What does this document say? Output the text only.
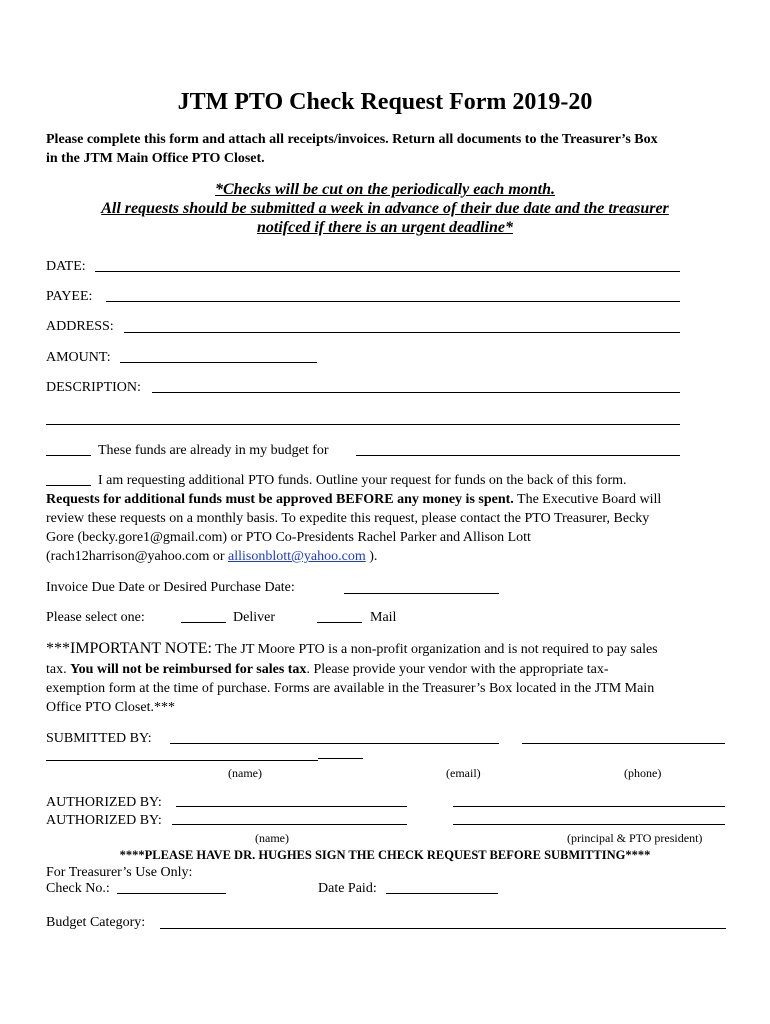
JTM PTO Check Request Form 2019-20
Please complete this form and attach all receipts/invoices. Return all documents to the Treasurer’s Box
in the JTM Main Office PTO Closet.
*Checks will be cut on the periodically each month.
All requests should be submitted a week in advance of their due date and the treasurer
notifced if there is an urgent deadline*
DATE:
PAYEE:
ADDRESS:
AMOUNT:
DESCRIPTION:
These funds are already in my budget for
I am requesting additional PTO funds. Outline your request for funds on the back of this form.
Requests for additional funds must be approved BEFORE any money is spent. The Executive Board will
review these requests on a monthly basis. To expedite this request, please contact the PTO Treasurer, Becky
Gore (becky.gore1@gmail.com) or PTO Co-Presidents Rachel Parker and Allison Lott
(rach12harrison@yahoo.com or allisonblott@yahoo.com ).
Invoice Due Date or Desired Purchase Date:
Please select one:	Deliver	Mail
***IMPORTANT NOTE: The JT Moore PTO is a non-profit organization and is not required to pay sales
tax. You will not be reimbursed for sales tax. Please provide your vendor with the appropriate tax-
exemption form at the time of purchase. Forms are available in the Treasurer’s Box located in the JTM Main
Office PTO Closet.***
SUBMITTED BY:
(name)	(email)	(phone)
AUTHORIZED BY:
AUTHORIZED BY:
(name)	(principal & PTO president)
****PLEASE HAVE DR. HUGHES SIGN THE CHECK REQUEST BEFORE SUBMITTING****
For Treasurer’s Use Only:
Check No.:	Date Paid:
Budget Category:
